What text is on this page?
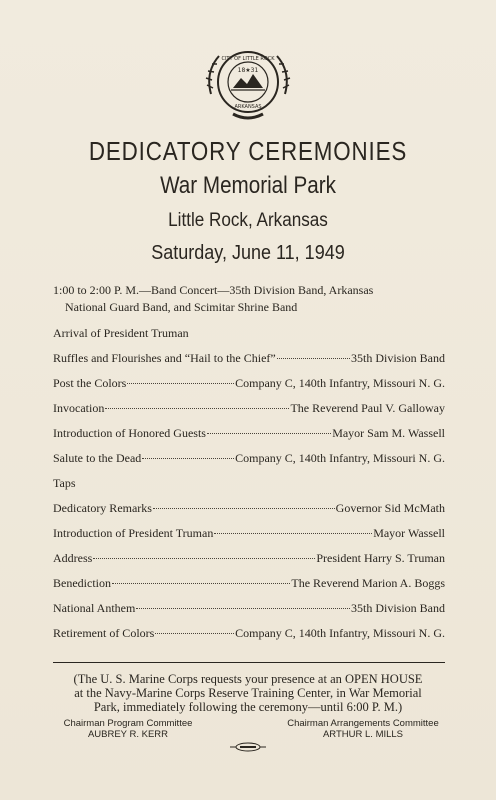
CITY OF LITTLE ROCK
18★31
ARKANSAS
DEDICATORY CEREMONIES
War Memorial Park
Little Rock, Arkansas
Saturday, June 11, 1949
1:00 to 2:00 P. M.—Band Concert—35th Division Band, Arkansas
National Guard Band, and Scimitar Shrine Band
Arrival of President Truman
Ruffles and Flourishes and “Hail to the Chief”	35th Division Band
Post the Colors	Company C, 140th Infantry, Missouri N. G.
Invocation	The Reverend Paul V. Galloway
Introduction of Honored Guests	Mayor Sam M. Wassell
Salute to the Dead	Company C, 140th Infantry, Missouri N. G.
Taps
Dedicatory Remarks	Governor Sid McMath
Introduction of President Truman	Mayor Wassell
Address	President Harry S. Truman
Benediction	The Reverend Marion A. Boggs
National Anthem	35th Division Band
Retirement of Colors	Company C, 140th Infantry, Missouri N. G.
(The U. S. Marine Corps requests your presence at an OPEN HOUSE
at the Navy-Marine Corps Reserve Training Center, in War Memorial
Park, immediately following the ceremony—until 6:00 P. M.)
Chairman Program Committee
AUBREY R. KERR
Chairman Arrangements Committee
ARTHUR L. MILLS
